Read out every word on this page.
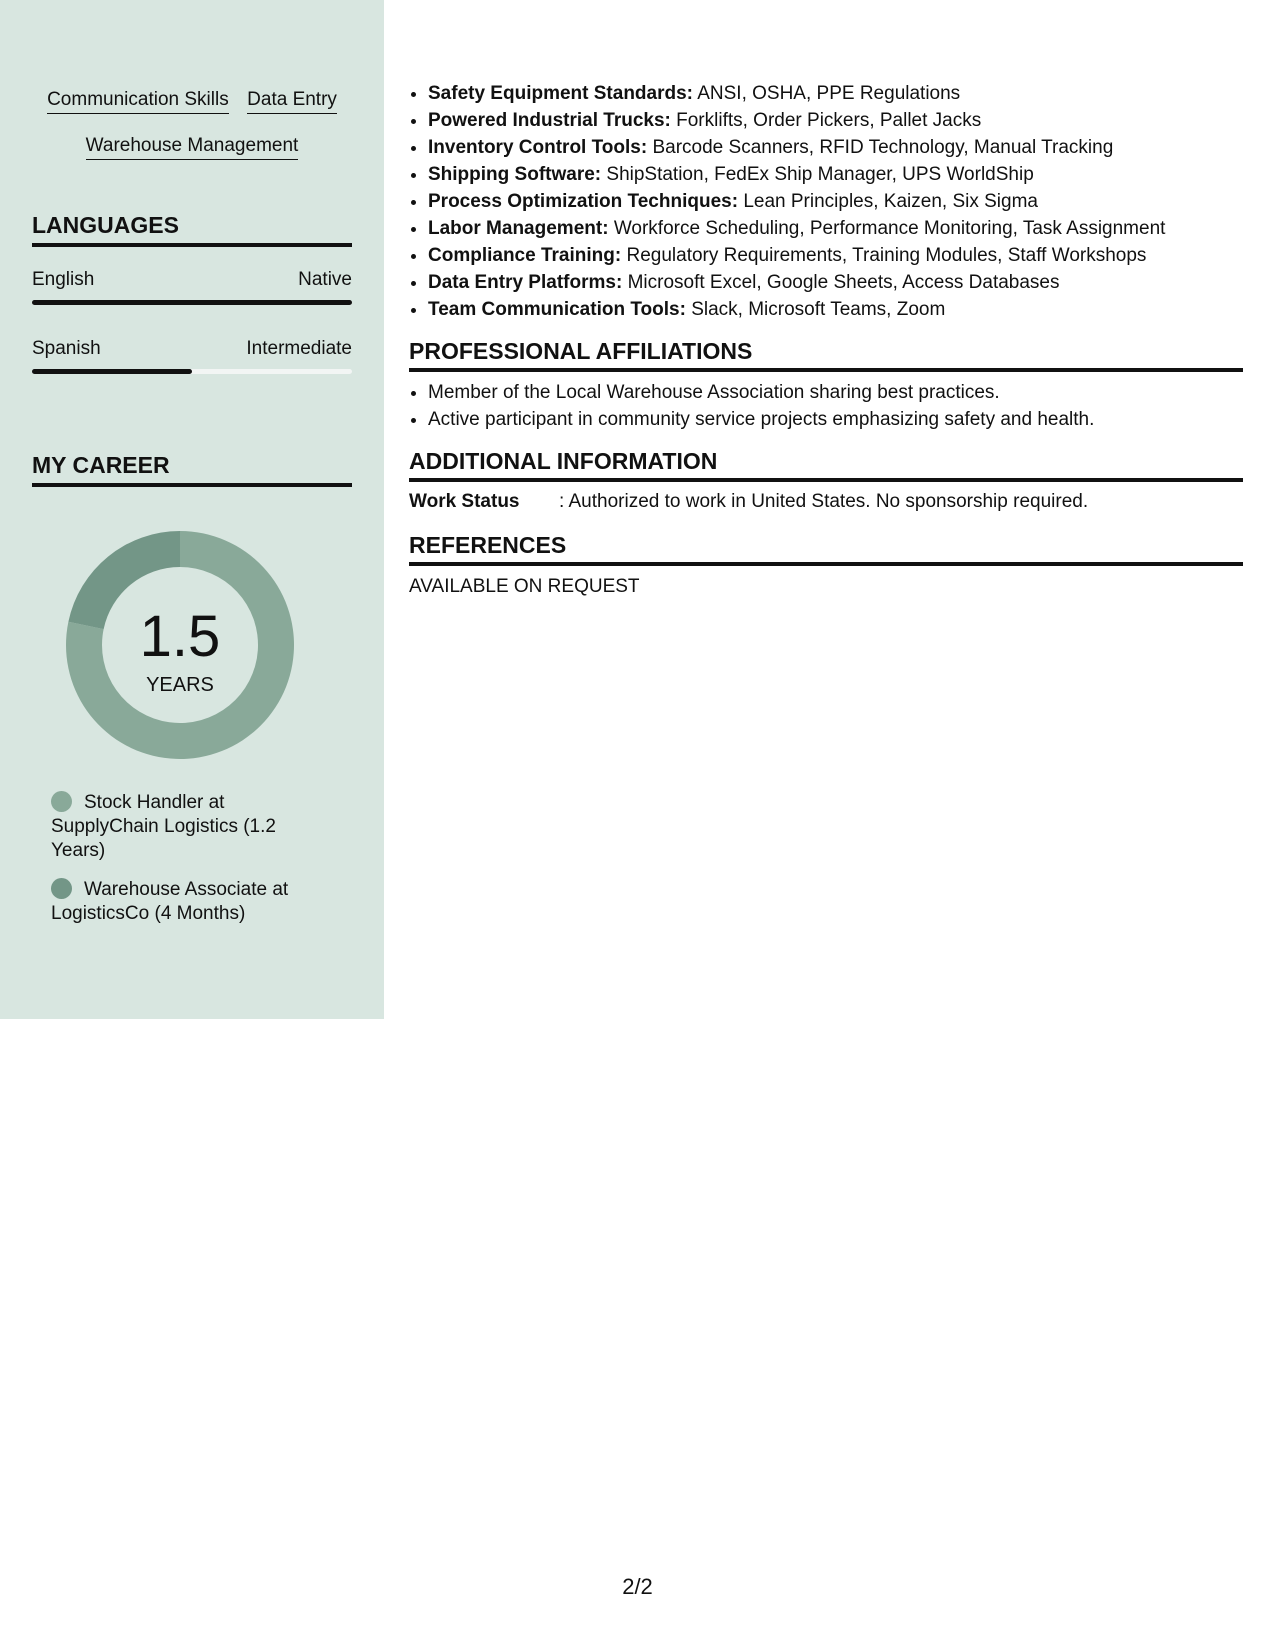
Communication Skills Data Entry Warehouse Management
LANGUAGES
English	Native
Spanish	Intermediate
MY CAREER
1.5
YEARS
Stock Handler at SupplyChain Logistics (1.2 Years)
Warehouse Associate at LogisticsCo (4 Months)
• Safety Equipment Standards: ANSI, OSHA, PPE Regulations
• Powered Industrial Trucks: Forklifts, Order Pickers, Pallet Jacks
• Inventory Control Tools: Barcode Scanners, RFID Technology, Manual Tracking
• Shipping Software: ShipStation, FedEx Ship Manager, UPS WorldShip
• Process Optimization Techniques: Lean Principles, Kaizen, Six Sigma
• Labor Management: Workforce Scheduling, Performance Monitoring, Task Assignment
• Compliance Training: Regulatory Requirements, Training Modules, Staff Workshops
• Data Entry Platforms: Microsoft Excel, Google Sheets, Access Databases
• Team Communication Tools: Slack, Microsoft Teams, Zoom
PROFESSIONAL AFFILIATIONS
• Member of the Local Warehouse Association sharing best practices.
• Active participant in community service projects emphasizing safety and health.
ADDITIONAL INFORMATION
Work Status	: Authorized to work in United States. No sponsorship required.
REFERENCES
AVAILABLE ON REQUEST
2/2
